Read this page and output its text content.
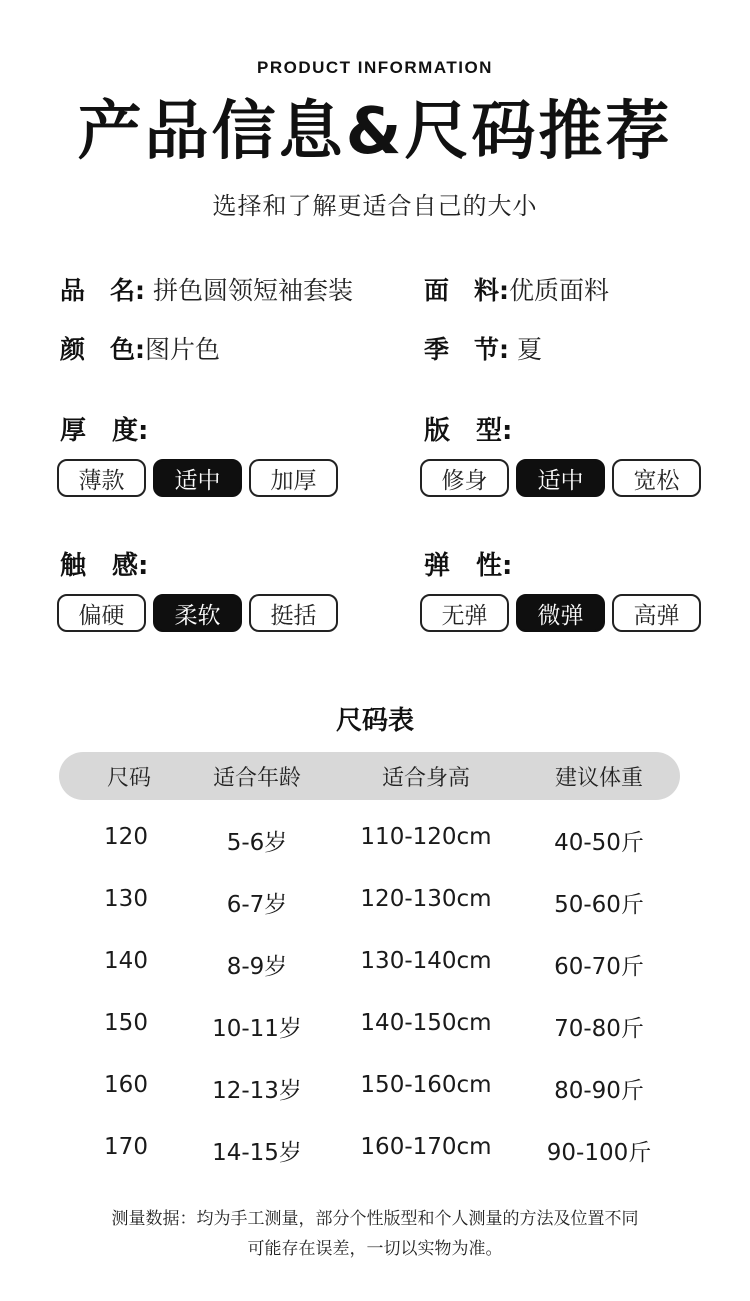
PRODUCT INFORMATION
产品信息&尺码推荐
选择和了解更适合自己的大小
品　名: 拼色圆领短袖套装	面　料:优质面料
颜　色:图片色	季　节: 夏
厚　度:
薄款	适中	加厚
版　型:
修身	适中	宽松
触　感:
偏硬	柔软	挺括
弹　性:
无弹	微弹	高弹
尺码表
尺码	适合年龄	适合身高	建议体重
120	5-6岁	110-120cm	40-50斤
130	6-7岁	120-130cm	50-60斤
140	8-9岁	130-140cm	60-70斤
150	10-11岁	140-150cm	70-80斤
160	12-13岁	150-160cm	80-90斤
170	14-15岁	160-170cm 90-100斤
测量数据：均为手工测量，部分个性版型和个人测量的方法及位置不同
可能存在误差，一切以实物为准。
